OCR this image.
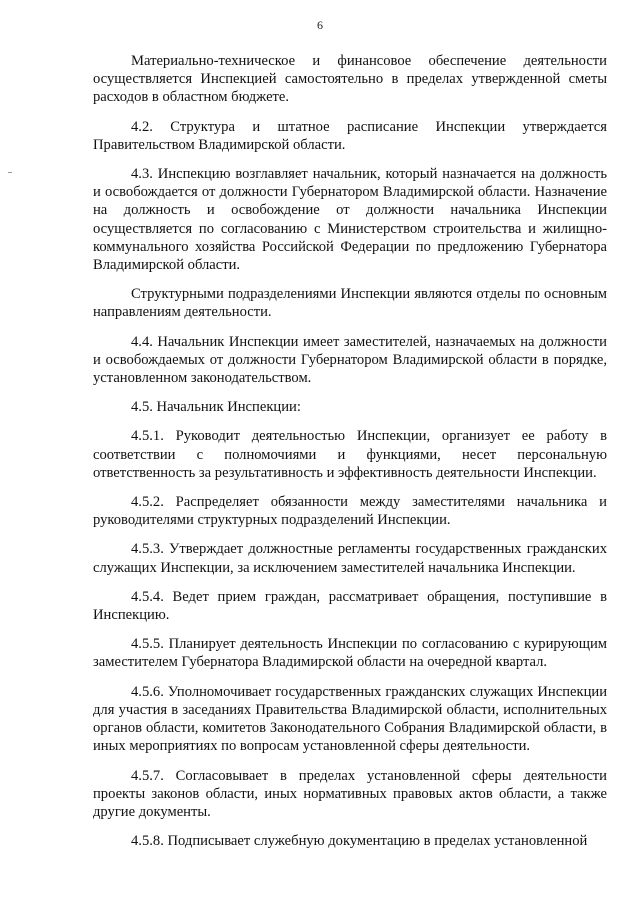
6

Материально-техническое и финансовое обеспечение деятельности осуществляется Инспекцией самостоятельно в пределах утвержденной сметы расходов в областном бюджете.

4.2. Структура и штатное расписание Инспекции утверждается Правительством Владимирской области.

4.3. Инспекцию возглавляет начальник, который назначается на должность и освобождается от должности Губернатором Владимирской области. Назначение на должность и освобождение от должности начальника Инспекции осуществляется по согласованию с Министерством строительства и жилищно-коммунального хозяйства Российской Федерации по предложению Губернатора Владимирской области.

Структурными подразделениями Инспекции являются отделы по основным направлениям деятельности.

4.4. Начальник Инспекции имеет заместителей, назначаемых на должности и освобождаемых от должности Губернатором Владимирской области в порядке, установленном законодательством.

4.5. Начальник Инспекции:

4.5.1. Руководит деятельностью Инспекции, организует ее работу в соответствии с полномочиями и функциями, несет персональную ответственность за результативность и эффективность деятельности Инспекции.

4.5.2. Распределяет обязанности между заместителями начальника и руководителями структурных подразделений Инспекции.

4.5.3. Утверждает должностные регламенты государственных гражданских служащих Инспекции, за исключением заместителей начальника Инспекции.

4.5.4. Ведет прием граждан, рассматривает обращения, поступившие в Инспекцию.

4.5.5. Планирует деятельность Инспекции по согласованию с курирующим заместителем Губернатора Владимирской области на очередной квартал.

4.5.6. Уполномочивает государственных гражданских служащих Инспекции для участия в заседаниях Правительства Владимирской области, исполнительных органов области, комитетов Законодательного Собрания Владимирской области, в иных мероприятиях по вопросам установленной сферы деятельности.

4.5.7. Согласовывает в пределах установленной сферы деятельности проекты законов области, иных нормативных правовых актов области, а также другие документы.

4.5.8. Подписывает служебную документацию в пределах установленной
